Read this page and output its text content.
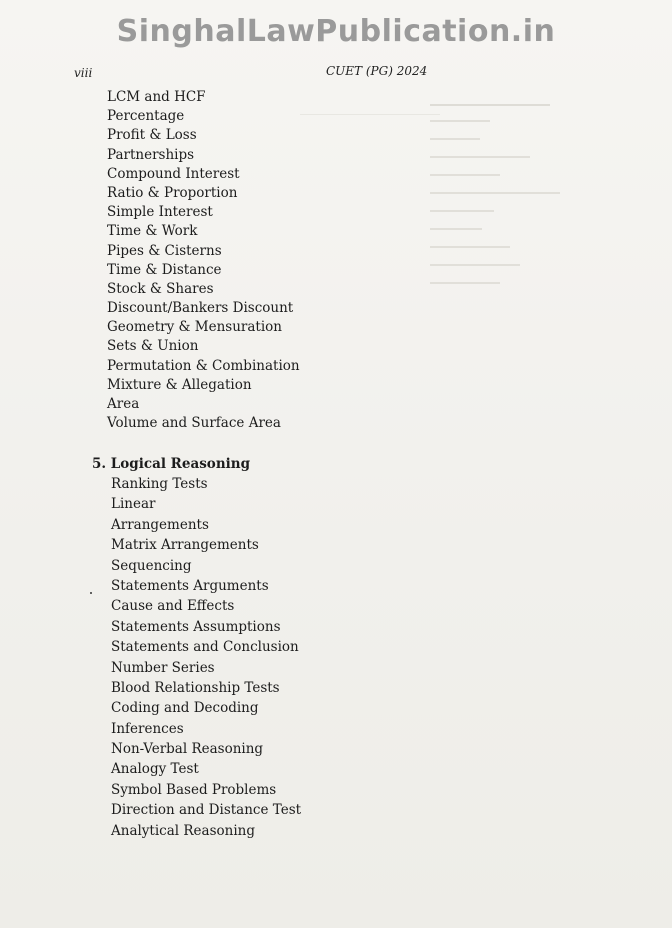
SinghalLawPublication.in
viii	CUET (PG) 2024
LCM and HCF
Percentage
Profit & Loss
Partnerships
Compound Interest
Ratio & Proportion
Simple Interest
Time & Work
Pipes & Cisterns
Time & Distance
Stock & Shares
Discount/Bankers Discount
Geometry & Mensuration
Sets & Union
Permutation & Combination
Mixture & Allegation
Area
Volume and Surface Area
5. Logical Reasoning
Ranking Tests
Linear
Arrangements
Matrix Arrangements
Sequencing
Statements Arguments
Cause and Effects
Statements Assumptions
Statements and Conclusion
Number Series
Blood Relationship Tests
Coding and Decoding
Inferences
Non-Verbal Reasoning
Analogy Test
Symbol Based Problems
Direction and Distance Test
Analytical Reasoning
